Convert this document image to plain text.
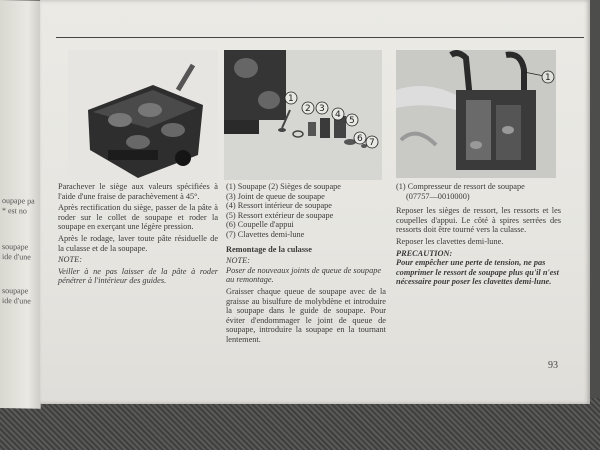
oupape pa
* est no
soupape
ide d'une
soupape
ide d'une
1
2 3
4
5
6 7
1

Parachever le siège aux valeurs spécifiées à l'aide d'une fraise de parachèvement à 45°.

Après rectification du siège, passer de la pâte à roder sur le collet de soupape et roder la soupape en exerçant une légère pression.

Après le rodage, laver toute pâte résiduelle de la culasse et de la soupape.

NOTE:

Veiller à ne pas laisser de la pâte à roder pénétrer à l'intérieur des guides.

(1) Soupape (2) Sièges de soupape

(3) Joint de queue de soupape

(4) Ressort intérieur de soupape

(5) Ressort extérieur de soupape

(6) Coupelle d'appui

(7) Clavettes demi-lune

Remontage de la culasse

NOTE:

Poser de nouveaux joints de queue de soupape au remontage.

Graisser chaque queue de soupape avec de la graisse au bisulfure de molybdène et introduire la soupape dans le guide de soupape. Pour éviter d'endommager le joint de queue de soupape, introduire la soupape en la tournant lentement.

(1) Compresseur de ressort de soupape

(07757—0010000)

Reposer les sièges de ressort, les ressorts et les coupelles d'appui. Le côté à spires serrées des ressorts doit être tourné vers la culasse.

Reposer les clavettes demi-lune.

PRECAUTION:

Pour empêcher une perte de tension, ne pas comprimer le ressort de soupape plus qu'il n'est nécessaire pour poser les clavettes demi-lune.

93
